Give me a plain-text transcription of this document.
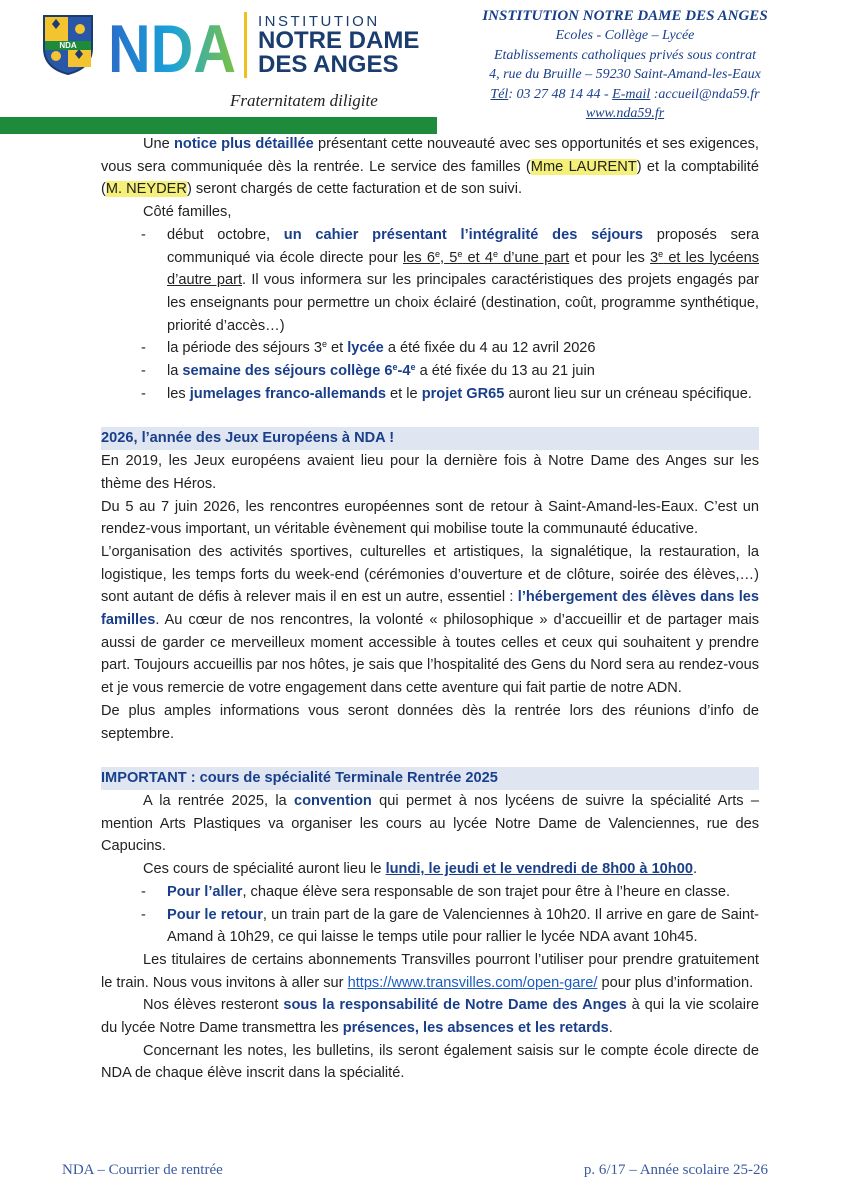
NDA NDA INSTITUTION
NOTRE DAME
DES ANGES
Fraternitatem diligite
INSTITUTION NOTRE DAME DES ANGES
Ecoles - Collège – Lycée
Etablissements catholiques privés sous contrat
4, rue du Bruille – 59230 Saint-Amand-les-Eaux
Tél: 03 27 48 14 44 - E-mail :accueil@nda59.fr
www.nda59.fr

Une notice plus détaillée présentant cette nouveauté avec ses opportunités et ses exigences, vous sera communiquée dès la rentrée. Le service des familles (Mme LAURENT) et la comptabilité (M. NEYDER) seront chargés de cette facturation et de son suivi.

Côté familles,

- début octobre, un cahier présentant l’intégralité des séjours proposés sera communiqué via école directe pour les 6e, 5e et 4e d’une part et pour les 3e et les lycéens d’autre part. Il vous informera sur les principales caractéristiques des projets engagés par les enseignants pour permettre un choix éclairé (destination, coût, programme synthétique, priorité d’accès…)
- la période des séjours 3e et lycée a été fixée du 4 au 12 avril 2026
- la semaine des séjours collège 6e-4e a été fixée du 13 au 21 juin
- les jumelages franco-allemands et le projet GR65 auront lieu sur un créneau spécifique.

2026, l’année des Jeux Européens à NDA !

En 2019, les Jeux européens avaient lieu pour la dernière fois à Notre Dame des Anges sur les thème des Héros.

Du 5 au 7 juin 2026, les rencontres européennes sont de retour à Saint-Amand-les-Eaux. C’est un rendez-vous important, un véritable évènement qui mobilise toute la communauté éducative.

L’organisation des activités sportives, culturelles et artistiques, la signalétique, la restauration, la logistique, les temps forts du week-end (cérémonies d’ouverture et de clôture, soirée des élèves,…) sont autant de défis à relever mais il en est un autre, essentiel : l’hébergement des élèves dans les familles. Au cœur de nos rencontres, la volonté « philosophique » d’accueillir et de partager mais aussi de garder ce merveilleux moment accessible à toutes celles et ceux qui souhaitent y prendre part. Toujours accueillis par nos hôtes, je sais que l’hospitalité des Gens du Nord sera au rendez-vous et je vous remercie de votre engagement dans cette aventure qui fait partie de notre ADN.

De plus amples informations vous seront données dès la rentrée lors des réunions d’info de septembre.

IMPORTANT : cours de spécialité Terminale Rentrée 2025

A la rentrée 2025, la convention qui permet à nos lycéens de suivre la spécialité Arts – mention Arts Plastiques va organiser les cours au lycée Notre Dame de Valenciennes, rue des Capucins.

Ces cours de spécialité auront lieu le lundi, le jeudi et le vendredi de 8h00 à 10h00.

- Pour l’aller, chaque élève sera responsable de son trajet pour être à l’heure en classe.
- Pour le retour, un train part de la gare de Valenciennes à 10h20. Il arrive en gare de Saint-Amand à 10h29, ce qui laisse le temps utile pour rallier le lycée NDA avant 10h45.

Les titulaires de certains abonnements Transvilles pourront l’utiliser pour prendre gratuitement le train. Nous vous invitons à aller sur https://www.transvilles.com/open-gare/ pour plus d’information.

Nos élèves resteront sous la responsabilité de Notre Dame des Anges à qui la vie scolaire du lycée Notre Dame transmettra les présences, les absences et les retards.

Concernant les notes, les bulletins, ils seront également saisis sur le compte école directe de NDA de chaque élève inscrit dans la spécialité.

NDA – Courrier de rentrée	p. 6/17 – Année scolaire 25-26
